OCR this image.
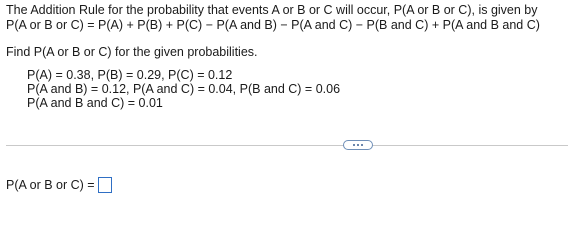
The Addition Rule for the probability that events A or B or C will occur, P(A or B or C), is given by
P(A or B or C) = P(A) + P(B) + P(C) − P(A and B) − P(A and C) − P(B and C) + P(A and B and C)
Find P(A or B or C) for the given probabilities.
P(A) = 0.38, P(B) = 0.29, P(C) = 0.12
P(A and B) = 0.12, P(A and C) = 0.04, P(B and C) = 0.06
P(A and B and C) = 0.01
P(A or B or C) =
